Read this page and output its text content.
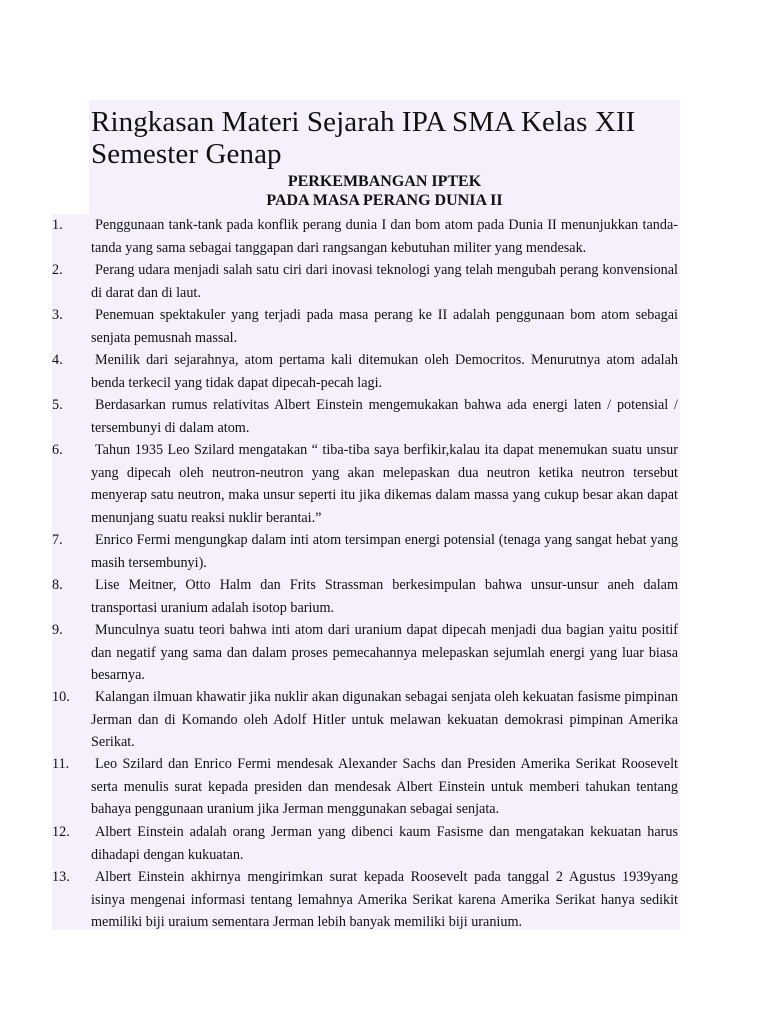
Ringkasan Materi Sejarah IPA SMA Kelas XII Semester Genap
PERKEMBANGAN IPTEK
PADA MASA PERANG DUNIA II
1.	Penggunaan tank-tank pada konflik perang dunia I dan bom atom pada Dunia II menunjukkan tanda-tanda yang sama sebagai tanggapan dari rangsangan kebutuhan militer yang mendesak.

2.	Perang udara menjadi salah satu ciri dari inovasi teknologi yang telah mengubah perang konvensional di darat dan di laut.

3.	Penemuan spektakuler yang terjadi pada masa perang ke II adalah penggunaan bom atom sebagai senjata pemusnah massal.

4.	Menilik dari sejarahnya, atom pertama kali ditemukan oleh Democritos. Menurutnya atom adalah benda terkecil yang tidak dapat dipecah-pecah lagi.

5.	Berdasarkan rumus relativitas Albert Einstein mengemukakan bahwa ada energi laten / potensial / tersembunyi di dalam atom.

6.	Tahun 1935 Leo Szilard mengatakan “ tiba-tiba saya berfikir,kalau ita dapat menemukan suatu unsur yang dipecah oleh neutron-neutron yang akan melepaskan dua neutron ketika neutron tersebut menyerap satu neutron, maka unsur seperti itu jika dikemas dalam massa yang cukup besar akan dapat menunjang suatu reaksi nuklir berantai.”

7.	Enrico Fermi mengungkap dalam inti atom tersimpan energi potensial (tenaga yang sangat hebat yang masih tersembunyi).

8.	Lise Meitner, Otto Halm dan Frits Strassman berkesimpulan bahwa unsur-unsur aneh dalam transportasi uranium adalah isotop barium.

9.	Munculnya suatu teori bahwa inti atom dari uranium dapat dipecah menjadi dua bagian yaitu positif dan negatif yang sama dan dalam proses pemecahannya melepaskan sejumlah energi yang luar biasa besarnya.

10.	Kalangan ilmuan khawatir jika nuklir akan digunakan sebagai senjata oleh kekuatan fasisme pimpinan Jerman dan di Komando oleh Adolf Hitler untuk melawan kekuatan demokrasi pimpinan Amerika Serikat.

11.	Leo Szilard dan Enrico Fermi mendesak Alexander Sachs dan Presiden Amerika Serikat Roosevelt serta menulis surat kepada presiden dan mendesak Albert Einstein untuk memberi tahukan tentang bahaya penggunaan uranium jika Jerman menggunakan sebagai senjata.

12.	Albert Einstein adalah orang Jerman yang dibenci kaum Fasisme dan mengatakan kekuatan harus dihadapi dengan kukuatan.

13.	Albert Einstein akhirnya mengirimkan surat kepada Roosevelt pada tanggal 2 Agustus 1939yang isinya mengenai informasi tentang lemahnya Amerika Serikat karena Amerika Serikat hanya sedikit memiliki biji uraium sementara Jerman lebih banyak memiliki biji uranium.
